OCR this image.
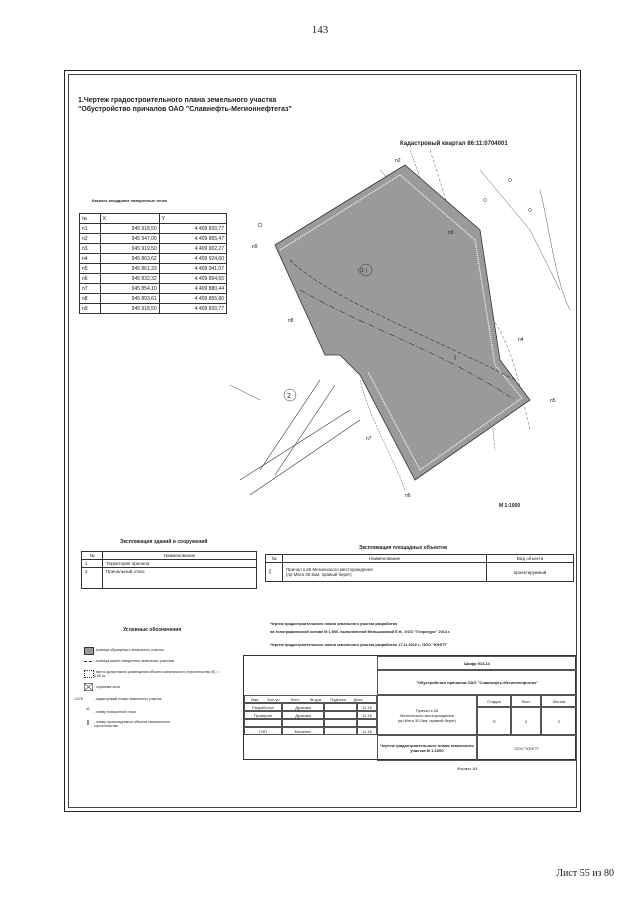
143
1.Чертеж градостроительного плана земельного участка
"Обустройство причалов ОАО "Славнефть-Мегионнефтегаз"
Кадастровый квартал 86:11:0704001
п2
п3
п9
п8
п4
п5
п7
п6
I
2
( 1 )
М 1:1000
Каталог координат поворотных точек
№	X	Y
п1	945 918,50	4 409 839,77
п2	945 947,00	4 409 865,47
п3	945 919,50	4 409 902,27
п4	945 863,62	4 409 924,60
п5	945 861,33	4 409 941,07
п6	945 832,32	4 409 894,65
п7	945 854,10	4 409 880,44
п8	945 893,61	4 409 855,80
п9	945 918,50	4 409 839,77
Экспликация зданий и сооружений
№	Наименование
1	Территория причала
2	Причальный откос
Экспликация площадных объектов
№	Наименование	Вид объекта
I	Причал к.26 Мегионского месторождения
(пр.Мега 30.5км, правый берег)	проектируемый
Чертеж градостроительного плана земельного участка разработан
на топографической основе М 1:500, выполненной Меньшиковой Е.Н., ООО "Георесурс" 2014 г.
Чертеж градостроительного плана земельного участка разработан 17.11.2016 г., ООО "ЮНГП"
Условные обозначения
- граница образуемого земельного участка
- граница ранее отведенных земельных участков
- место допустимого размещения объекта капитального строительства (S) = 0,55 га
- охранная зона
:1476	- кадастровый номер земельного участка
п1
- номер поворотной точки
I - номер проектируемого объекта капитального строительства
Шифр 514.14
"Обустройство причалов ОАО "Славнефть-Мегионнефтегаз"
Изм.	Кол.уч.	Лист	№ док.	Подпись	Дата
Разработал	Дрокова	11.16
Проверил	Дрокова	11.16
ГИП	Мыченко	11.16
Причал к.26
Мегионского месторождения
(пр.Мега 30.5км, правый берег)
Стадия	Лист	Листов
П	2	2
Чертеж градостроительного плана земельного участка М 1:1000	ООО "ЮНГП"
Формат А3
Лист 55 из 80
